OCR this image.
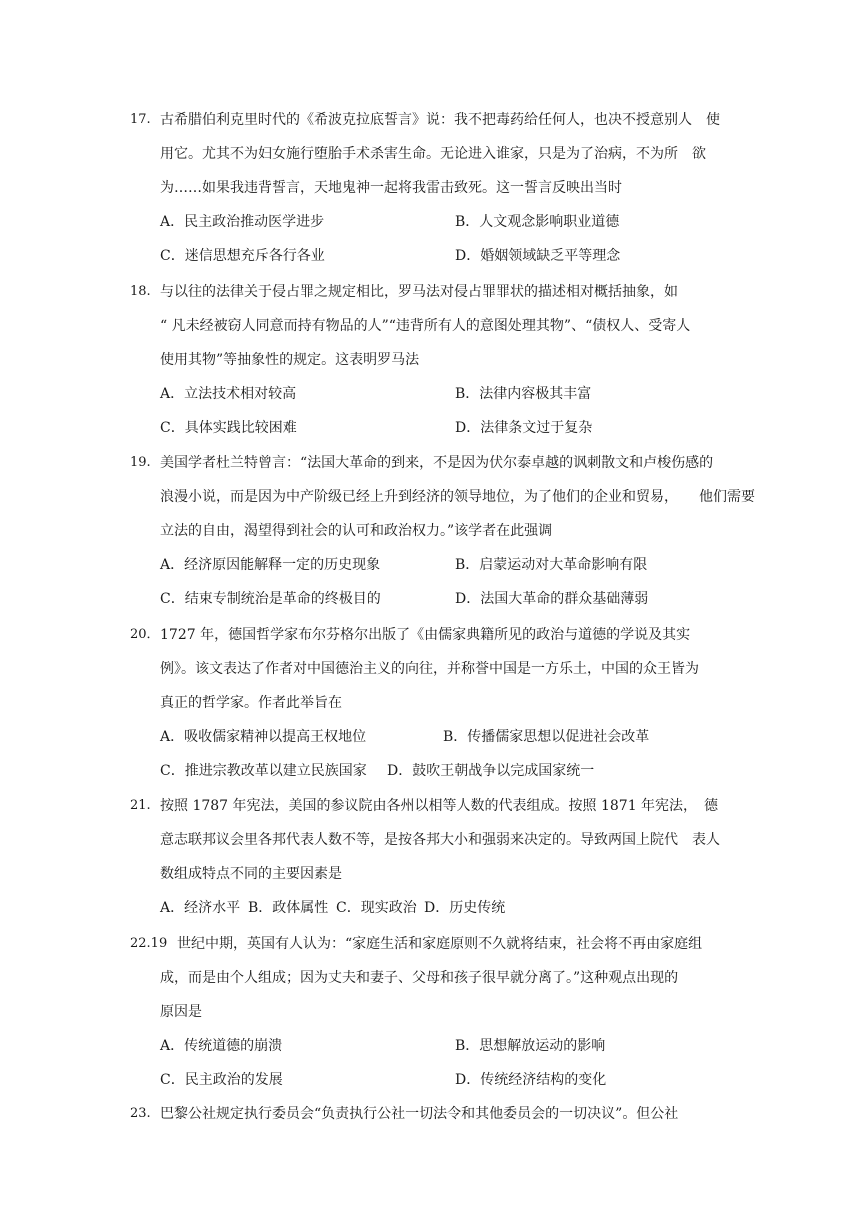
17. 古希腊伯利克里时代的《希波克拉底誓言》说：我不把毒药给任何人，也决不授意别人　使
用它。尤其不为妇女施行堕胎手术杀害生命。无论进入谁家，只是为了治病，不为所　欲
为……如果我违背誓言，天地鬼神一起将我雷击致死。这一誓言反映出当时
A．民主政治推动医学进步	B．人文观念影响职业道德
C．迷信思想充斥各行各业	D．婚姻领域缺乏平等理念
18. 与以往的法律关于侵占罪之规定相比，罗马法对侵占罪罪状的描述相对概括抽象，如
“ 凡未经被窃人同意而持有物品的人”“违背所有人的意图处理其物”、“债权人、受寄人
使用其物”等抽象性的规定。这表明罗马法
A．立法技术相对较高	B．法律内容极其丰富
C．具体实践比较困难	D．法律条文过于复杂
19. 美国学者杜兰特曾言：“法国大革命的到来，不是因为伏尔泰卓越的讽刺散文和卢梭伤感的
浪漫小说，而是因为中产阶级已经上升到经济的领导地位，为了他们的企业和贸易，　　他们需要
立法的自由，渴望得到社会的认可和政治权力。”该学者在此强调
A．经济原因能解释一定的历史现象	B．启蒙运动对大革命影响有限
C．结束专制统治是革命的终极目的	D．法国大革命的群众基础薄弱
20． 1727 年，德国哲学家布尔芬格尔出版了《由儒家典籍所见的政治与道德的学说及其实
例》。该文表达了作者对中国德治主义的向往，并称誉中国是一方乐土，中国的众王皆为
真正的哲学家。作者此举旨在
A．吸收儒家精神以提高王权地位	B．传播儒家思想以促进社会改革
C．推进宗教改革以建立民族国家 D．鼓吹王朝战争以完成国家统一
21. 按照 1787 年宪法，美国的参议院由各州以相等人数的代表组成。按照 1871 年宪法，　德
意志联邦议会里各邦代表人数不等，是按各邦大小和强弱来决定的。导致两国上院代　表人
数组成特点不同的主要因素是
A．经济水平 B．政体属性 C．现实政治 D．历史传统
22.19 世纪中期，英国有人认为：“家庭生活和家庭原则不久就将结束，社会将不再由家庭组
成，而是由个人组成；因为丈夫和妻子、父母和孩子很早就分离了。”这种观点出现的
原因是
A．传统道德的崩溃	B．思想解放运动的影响
C．民主政治的发展	D．传统经济结构的变化
23. 巴黎公社规定执行委员会“负责执行公社一切法令和其他委员会的一切决议”。但公社
